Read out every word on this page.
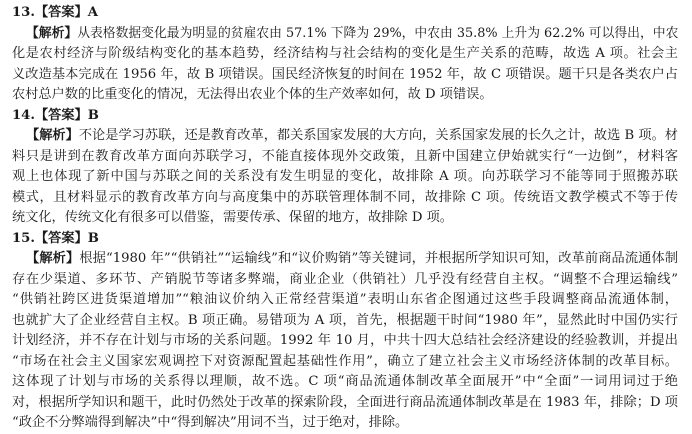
13.【答案】A
【解析】从表格数据变化最为明显的贫雇农由 57.1% 下降为 29%，中农由 35.8% 上升为 62.2% 可以得出，中农
化是农村经济与阶级结构变化的基本趋势，经济结构与社会结构的变化是生产关系的范畴，故选 A 项。社会主
义改造基本完成在 1956 年，故 B 项错误。国民经济恢复的时间在 1952 年，故 C 项错误。题干只是各类农户占
农村总户数的比重变化的情况，无法得出农业个体的生产效率如何，故 D 项错误。
14.【答案】B
【解析】不论是学习苏联，还是教育改革，都关系国家发展的大方向，关系国家发展的长久之计，故选 B 项。材
料只是讲到在教育改革方面向苏联学习，不能直接体现外交政策，且新中国建立伊始就实行“一边倒”，材料客
观上也体现了新中国与苏联之间的关系没有发生明显的变化，故排除 A 项。向苏联学习不能等同于照搬苏联
模式，且材料显示的教育改革方向与高度集中的苏联管理体制不同，故排除 C 项。传统语文教学模式不等于传
统文化，传统文化有很多可以借鉴，需要传承、保留的地方，故排除 D 项。
15.【答案】B
【解析】根据“1980 年”“供销社”“运输线”和“议价购销”等关键词，并根据所学知识可知，改革前商品流通体制
存在少渠道、多环节、产销脱节等诸多弊端，商业企业（供销社）几乎没有经营自主权。“调整不合理运输线”
“供销社跨区进货渠道增加”“粮油议价纳入正常经营渠道”表明山东省企图通过这些手段调整商品流通体制，
也就扩大了企业经营自主权。B 项正确。易错项为 A 项，首先，根据题干时间“1980 年”，显然此时中国仍实行
计划经济，并不存在计划与市场的关系问题。1992 年 10 月，中共十四大总结社会经济建设的经验教训，并提出
“市场在社会主义国家宏观调控下对资源配置起基础性作用”，确立了建立社会主义市场经济体制的改革目标。
这体现了计划与市场的关系得以理顺，故不选。C 项“商品流通体制改革全面展开”中“全面”一词用词过于绝
对，根据所学知识和题干，此时仍然处于改革的探索阶段，全面进行商品流通体制改革是在 1983 年，排除；D 项
“政企不分弊端得到解决”中“得到解决”用词不当，过于绝对，排除。
